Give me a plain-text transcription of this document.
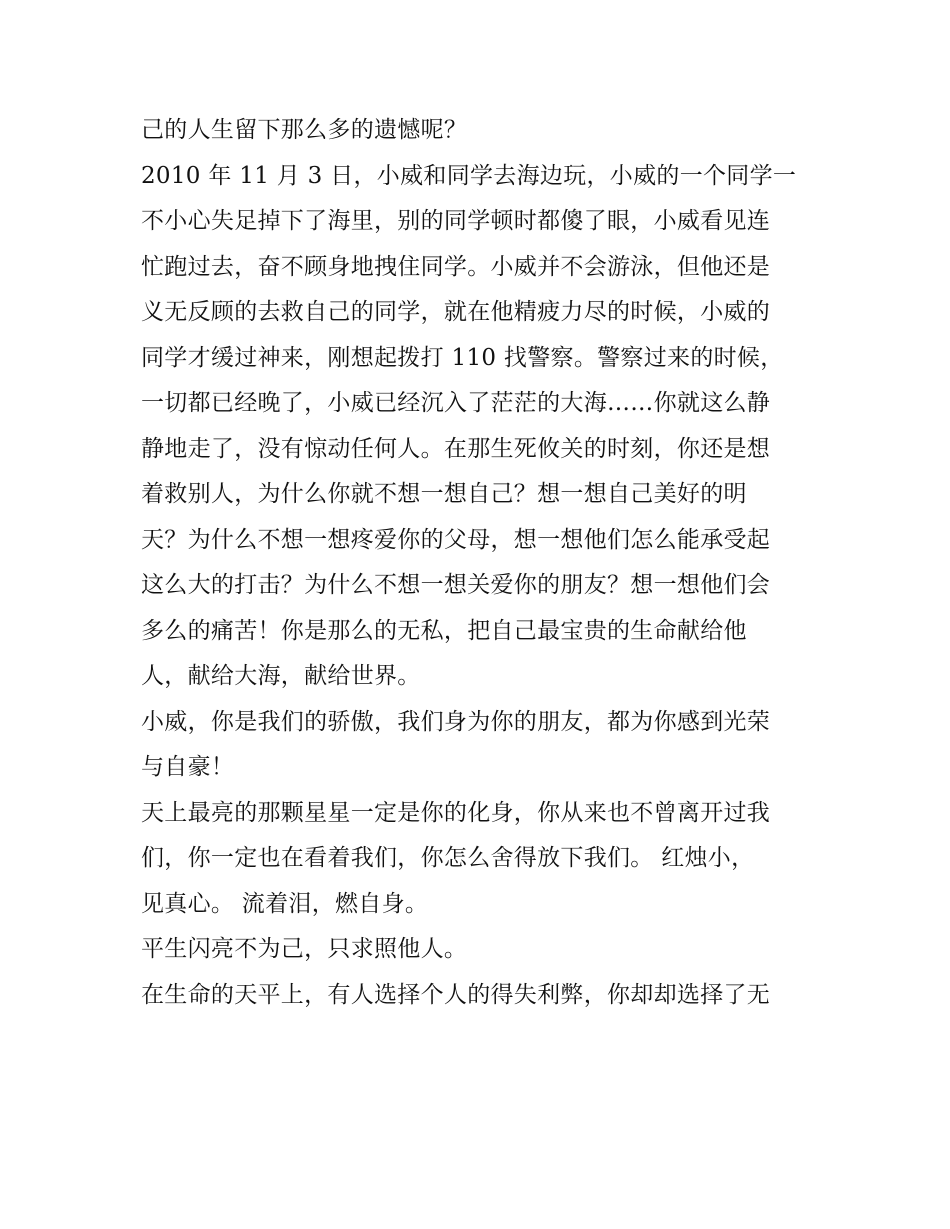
己的人生留下那么多的遗憾呢？
2010 年 11 月 3 日，小威和同学去海边玩，小威的一个同学一
不小心失足掉下了海里，别的同学顿时都傻了眼，小威看见连
忙跑过去，奋不顾身地拽住同学。小威并不会游泳，但他还是
义无反顾的去救自己的同学，就在他精疲力尽的时候，小威的
同学才缓过神来，刚想起拨打 110 找警察。警察过来的时候，
一切都已经晚了，小威已经沉入了茫茫的大海……你就这么静
静地走了，没有惊动任何人。在那生死攸关的时刻，你还是想
着救别人，为什么你就不想一想自己？想一想自己美好的明
天？为什么不想一想疼爱你的父母，想一想他们怎么能承受起
这么大的打击？为什么不想一想关爱你的朋友？想一想他们会
多么的痛苦！你是那么的无私，把自己最宝贵的生命献给他
人，献给大海，献给世界。
小威，你是我们的骄傲，我们身为你的朋友，都为你感到光荣
与自豪！
天上最亮的那颗星星一定是你的化身，你从来也不曾离开过我
们，你一定也在看着我们，你怎么舍得放下我们。 红烛小，
见真心。 流着泪，燃自身。
平生闪亮不为己，只求照他人。
在生命的天平上，有人选择个人的得失利弊，你却却选择了无
